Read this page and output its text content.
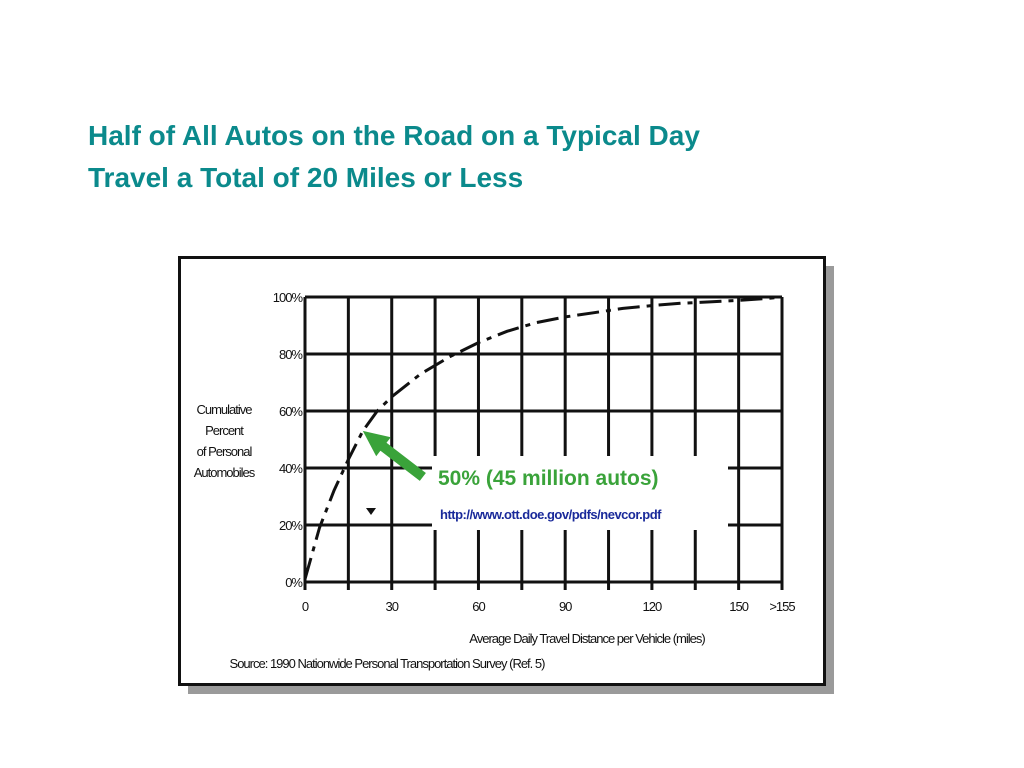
Half of All Autos on the Road on a Typical Day
Travel a Total of 20 Miles or Less
0%
20%
40%
60%
80%
100%
0	30	60	90	120	150 >155
Cumulative
Percent
of Personal
Automobiles
Average Daily Travel Distance per Vehicle (miles)
Source: 1990 Nationwide Personal Transportation Survey (Ref. 5)
50% (45 million autos)
http://www.ott.doe.gov/pdfs/nevcor.pdf
